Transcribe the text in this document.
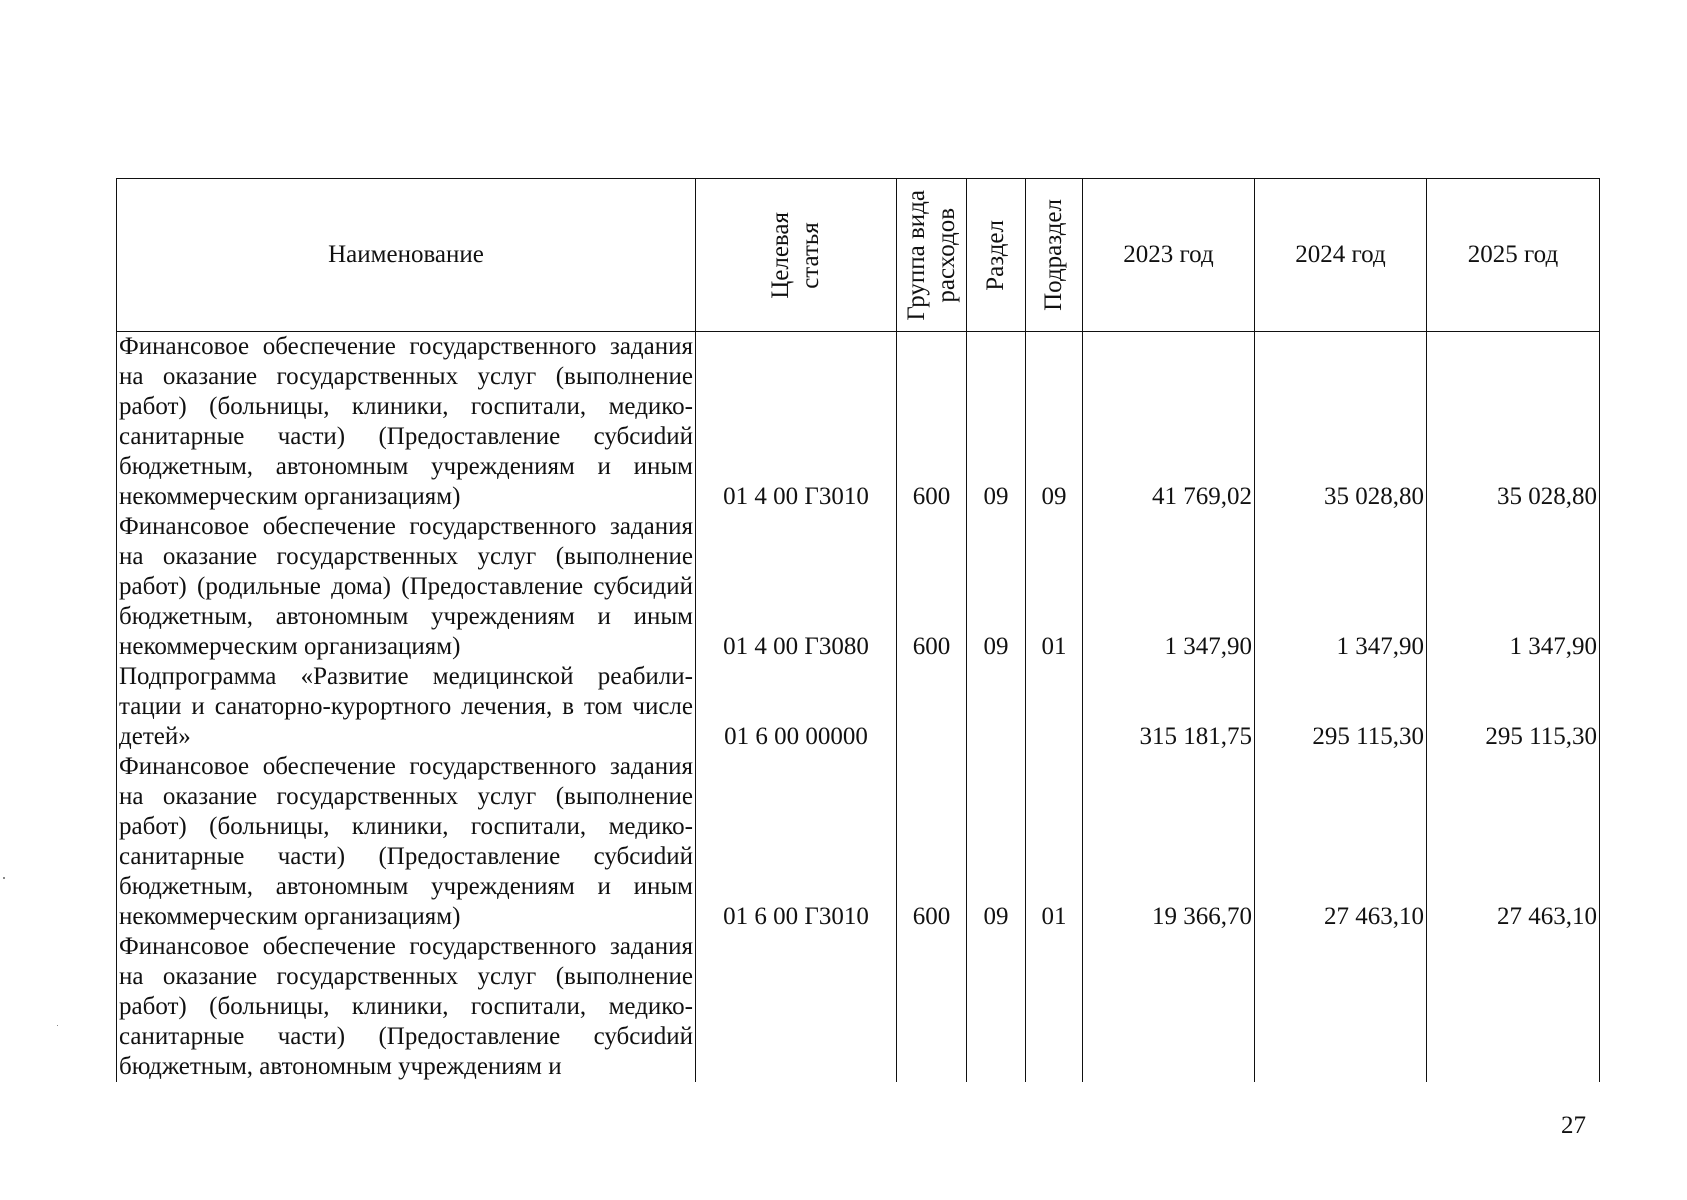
Наименование	Целевая статья	Группа вида расходов	Раздел	Подраздел	2023 год	2024 год	2025 год
Финансовое обеспечение государственного задания на оказание государственных услуг (выполнение работ) (больницы, клиники, госпитали, медико-санитарные части) (Предоставление субсиdий бюджетным, автономным учреждениям и иным некоммерческим организациям)	01 4 00 Г3010	600	09	09	41 769,02	35 028,80	35 028,80
Финансовое обеспечение государственного задания на оказание государственных услуг (выполнение работ) (родильные дома) (Предоставление субсидий бюджетным, автономным учреждениям и иным некоммерческим организациям)	01 4 00 Г3080	600	09	01	1 347,90	1 347,90	1 347,90
Подпрограмма «Развитие медицинской реабилитации и санаторно-курортного лечения, в том числе детей»	01 6 00 00000				315 181,75	295 115,30	295 115,30
Финансовое обеспечение государственного задания на оказание государственных услуг (выполнение работ) (больницы, клиники, госпитали, медико-санитарные части) (Предоставление субсиdий бюджетным, автономным учреждениям и иным некоммерческим организациям)	01 6 00 Г3010	600	09	01	19 366,70	27 463,10	27 463,10
Финансовое обеспечение государственного задания на оказание государственных услуг (выполнение работ) (больницы, клиники, госпитали, медико-санитарные части) (Предоставление субсиdий бюджетным, автономным учреждениям и							
27
